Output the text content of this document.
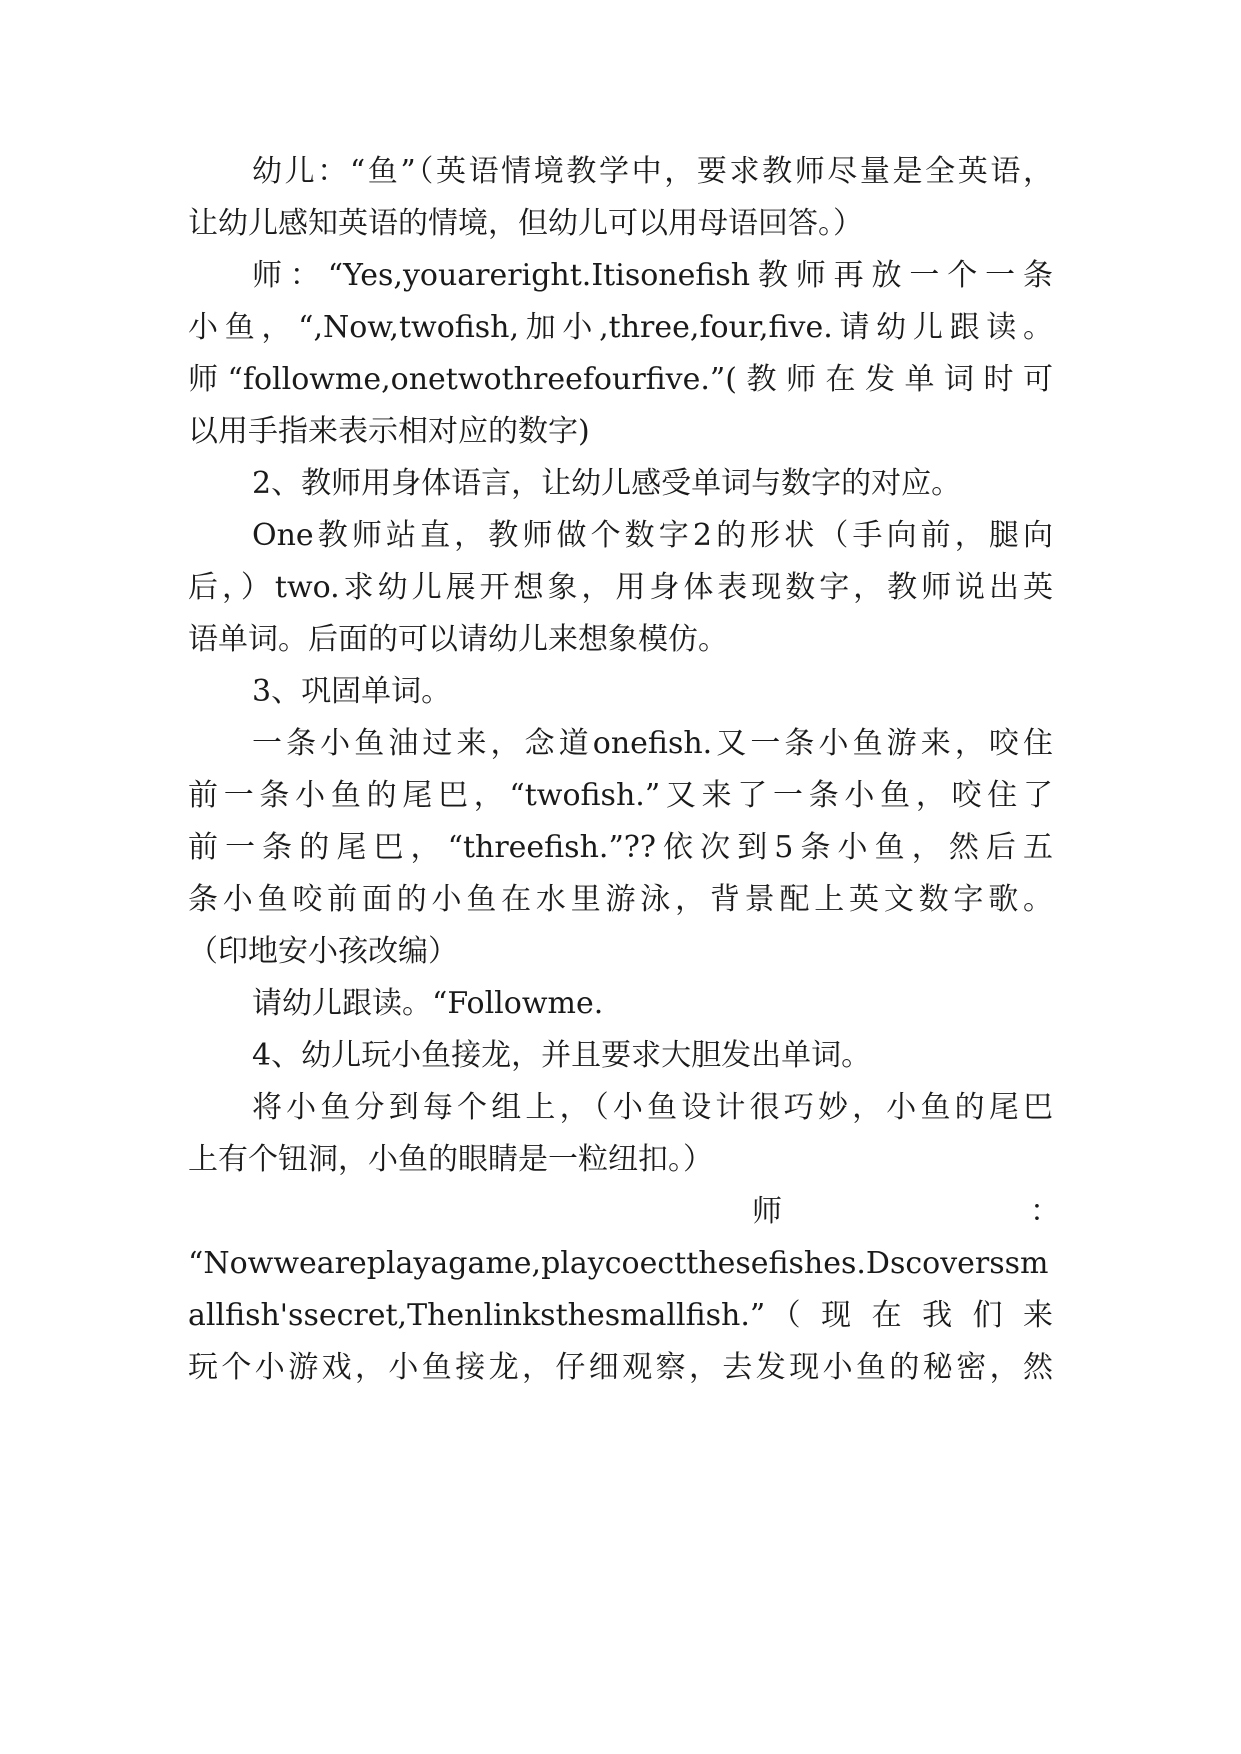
幼儿：“鱼”（英语情境教学中，要求教师尽量是全英语，
让幼儿感知英语的情境，但幼儿可以用母语回答。）
师：“Yes,youareright.Itisonefish教师再放一个一条
小鱼，“,Now,twofish,加小,three,four,five.请幼儿跟读。
师“followme,onetwothreefourfive.”(教师在发单词时可
以用手指来表示相对应的数字)
2、教师用身体语言，让幼儿感受单词与数字的对应。
One教师站直，教师做个数字2的形状（手向前，腿向
后，）two.求幼儿展开想象，用身体表现数字，教师说出英
语单词。后面的可以请幼儿来想象模仿。
3、巩固单词。
一条小鱼油过来，念道onefish.又一条小鱼游来，咬住
前一条小鱼的尾巴，“twofish.”又来了一条小鱼，咬住了
前一条的尾巴，“threefish.”??依次到5条小鱼，然后五
条小鱼咬前面的小鱼在水里游泳，背景配上英文数字歌。
（印地安小孩改编）
请幼儿跟读。“Followme.
4、幼儿玩小鱼接龙，并且要求大胆发出单词。
将小鱼分到每个组上，（小鱼设计很巧妙，小鱼的尾巴
上有个钮洞，小鱼的眼睛是一粒纽扣。）
师	：
“Nowweareplayagame,playcoectthesefishes.Dscoverssm
allfish'ssecret,Thenlinksthesmallfish.”（现在我们来
玩个小游戏，小鱼接龙，仔细观察，去发现小鱼的秘密，然
